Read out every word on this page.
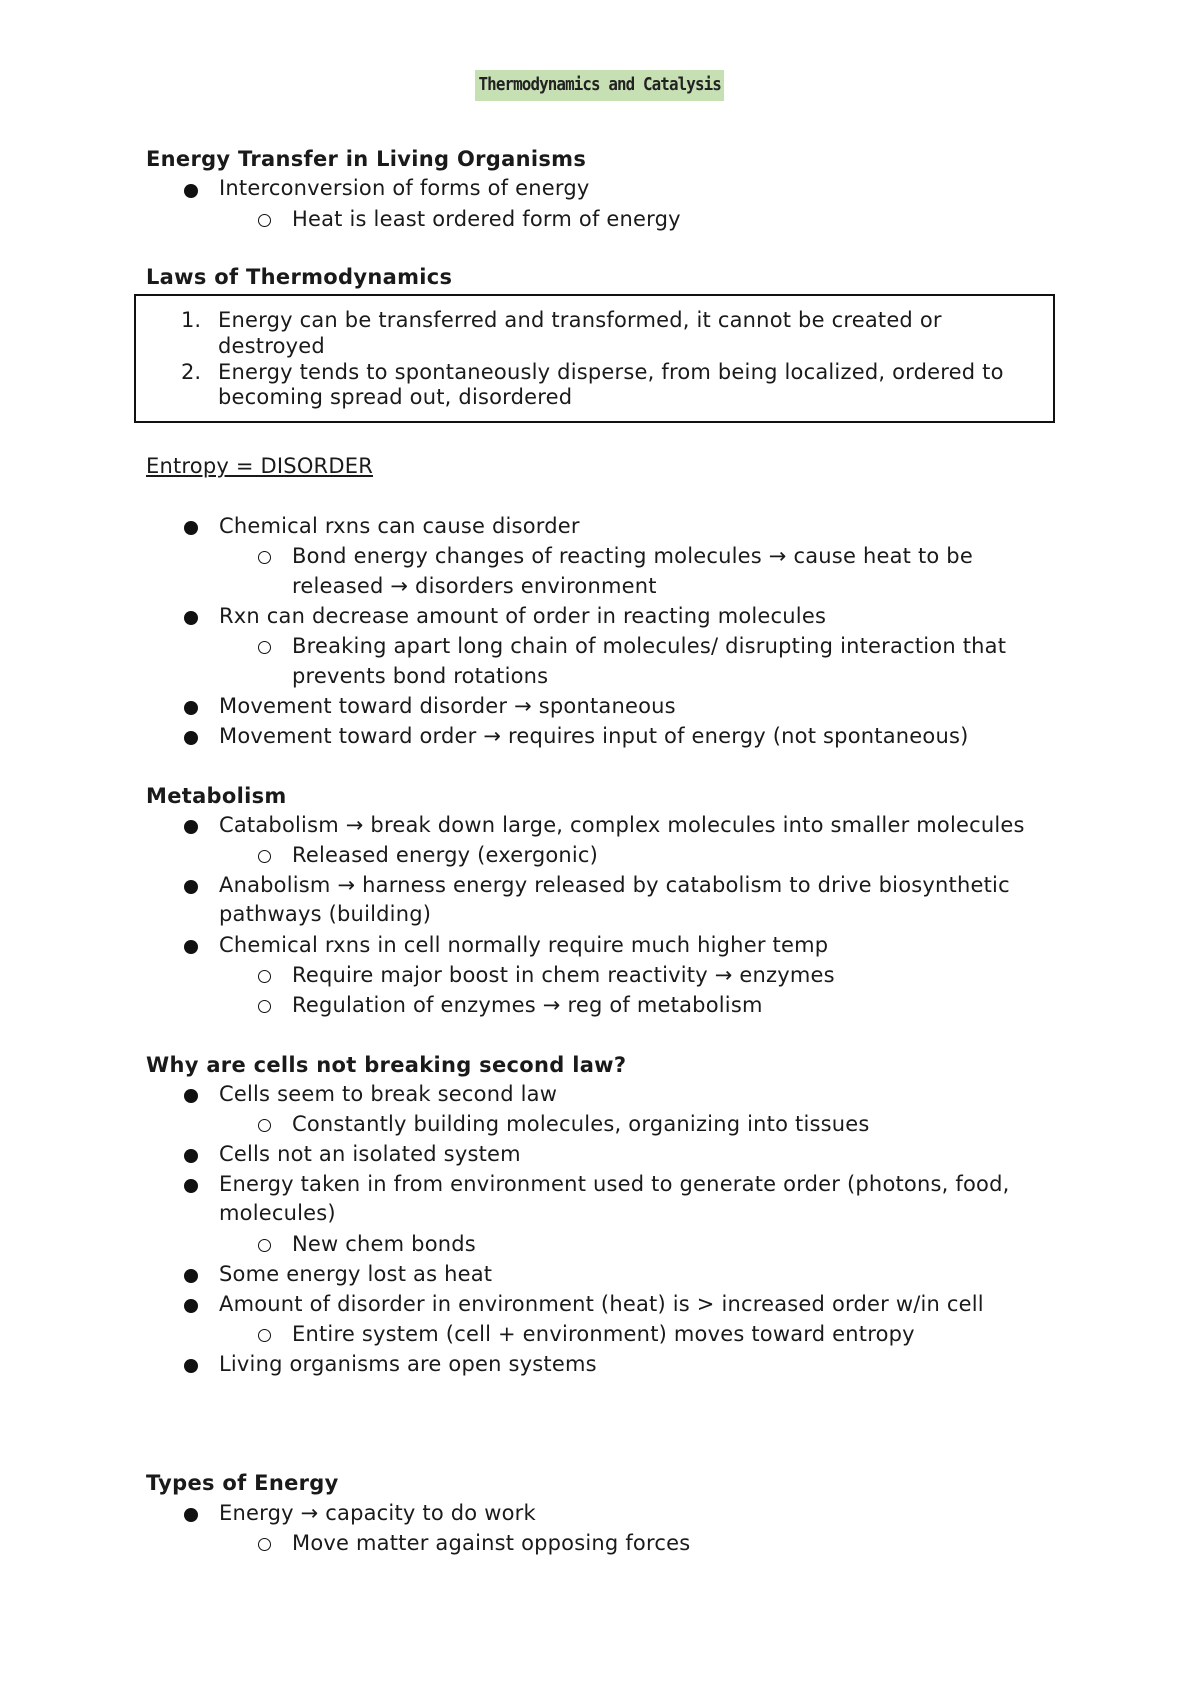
Thermodynamics and Catalysis
Energy Transfer in Living Organisms
Interconversion of forms of energy
Heat is least ordered form of energy
Laws of Thermodynamics
1. Energy can be transferred and transformed, it cannot be created or
destroyed
2. Energy tends to spontaneously disperse, from being localized, ordered to
becoming spread out, disordered
Entropy = DISORDER
Chemical rxns can cause disorder
Bond energy changes of reacting molecules → cause heat to be
released → disorders environment
Rxn can decrease amount of order in reacting molecules
Breaking apart long chain of molecules/ disrupting interaction that
prevents bond rotations
Movement toward disorder → spontaneous
Movement toward order → requires input of energy (not spontaneous)
Metabolism
Catabolism → break down large, complex molecules into smaller molecules
Released energy (exergonic)
Anabolism → harness energy released by catabolism to drive biosynthetic
pathways (building)
Chemical rxns in cell normally require much higher temp
Require major boost in chem reactivity → enzymes
Regulation of enzymes → reg of metabolism
Why are cells not breaking second law?
Cells seem to break second law
Constantly building molecules, organizing into tissues
Cells not an isolated system
Energy taken in from environment used to generate order (photons, food,
molecules)
New chem bonds
Some energy lost as heat
Amount of disorder in environment (heat) is > increased order w/in cell
Entire system (cell + environment) moves toward entropy
Living organisms are open systems
Types of Energy
Energy → capacity to do work
Move matter against opposing forces
